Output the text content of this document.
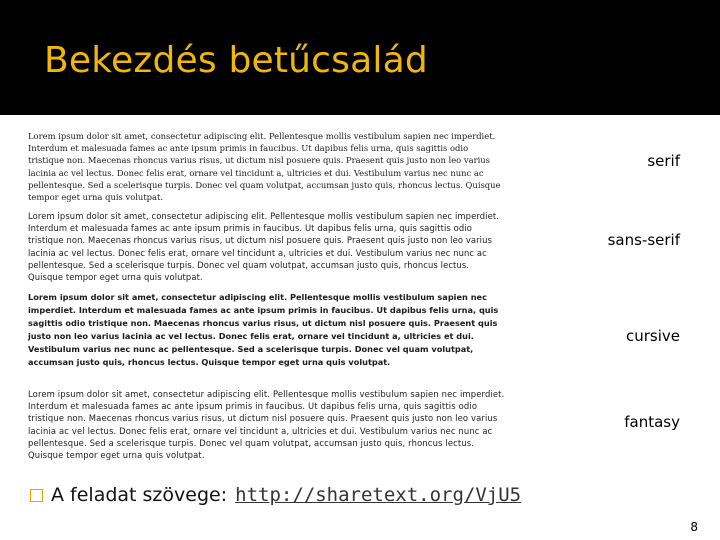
Bekezdés betűcsalád

Lorem ipsum dolor sit amet, consectetur adipiscing elit. Pellentesque mollis vestibulum sapien nec imperdiet. Interdum et malesuada fames ac ante ipsum primis in faucibus. Ut dapibus felis urna, quis sagittis odio tristique non. Maecenas rhoncus varius risus, ut dictum nisl posuere quis. Praesent quis justo non leo varius lacinia ac vel lectus. Donec felis erat, ornare vel tincidunt a, ultricies et dui. Vestibulum varius nec nunc ac pellentesque. Sed a scelerisque turpis. Donec vel quam volutpat, accumsan justo quis, rhoncus lectus. Quisque tempor eget urna quis volutpat.

serif

Lorem ipsum dolor sit amet, consectetur adipiscing elit. Pellentesque mollis vestibulum sapien nec imperdiet. Interdum et malesuada fames ac ante ipsum primis in faucibus. Ut dapibus felis urna, quis sagittis odio tristique non. Maecenas rhoncus varius risus, ut dictum nisl posuere quis. Praesent quis justo non leo varius lacinia ac vel lectus. Donec felis erat, ornare vel tincidunt a, ultricies et dui. Vestibulum varius nec nunc ac pellentesque. Sed a scelerisque turpis. Donec vel quam volutpat, accumsan justo quis, rhoncus lectus. Quisque tempor eget urna quis volutpat.

sans-serif

Lorem ipsum dolor sit amet, consectetur adipiscing elit. Pellentesque mollis vestibulum sapien nec imperdiet. Interdum et malesuada fames ac ante ipsum primis in faucibus. Ut dapibus felis urna, quis sagittis odio tristique non. Maecenas rhoncus varius risus, ut dictum nisl posuere quis. Praesent quis justo non leo varius lacinia ac vel lectus. Donec felis erat, ornare vel tincidunt a, ultricies et dui. Vestibulum varius nec nunc ac pellentesque. Sed a scelerisque turpis. Donec vel quam volutpat, accumsan justo quis, rhoncus lectus. Quisque tempor eget urna quis volutpat.

cursive

Lorem ipsum dolor sit amet, consectetur adipiscing elit. Pellentesque mollis vestibulum sapien nec imperdiet. Interdum et malesuada fames ac ante ipsum primis in faucibus. Ut dapibus felis urna, quis sagittis odio tristique non. Maecenas rhoncus varius risus, ut dictum nisl posuere quis. Praesent quis justo non leo varius lacinia ac vel lectus. Donec felis erat, ornare vel tincidunt a, ultricies et dui. Vestibulum varius nec nunc ac pellentesque. Sed a scelerisque turpis. Donec vel quam volutpat, accumsan justo quis, rhoncus lectus. Quisque tempor eget urna quis volutpat.

fantasy
A feladat szövege: http://sharetext.org/VjU5
8
